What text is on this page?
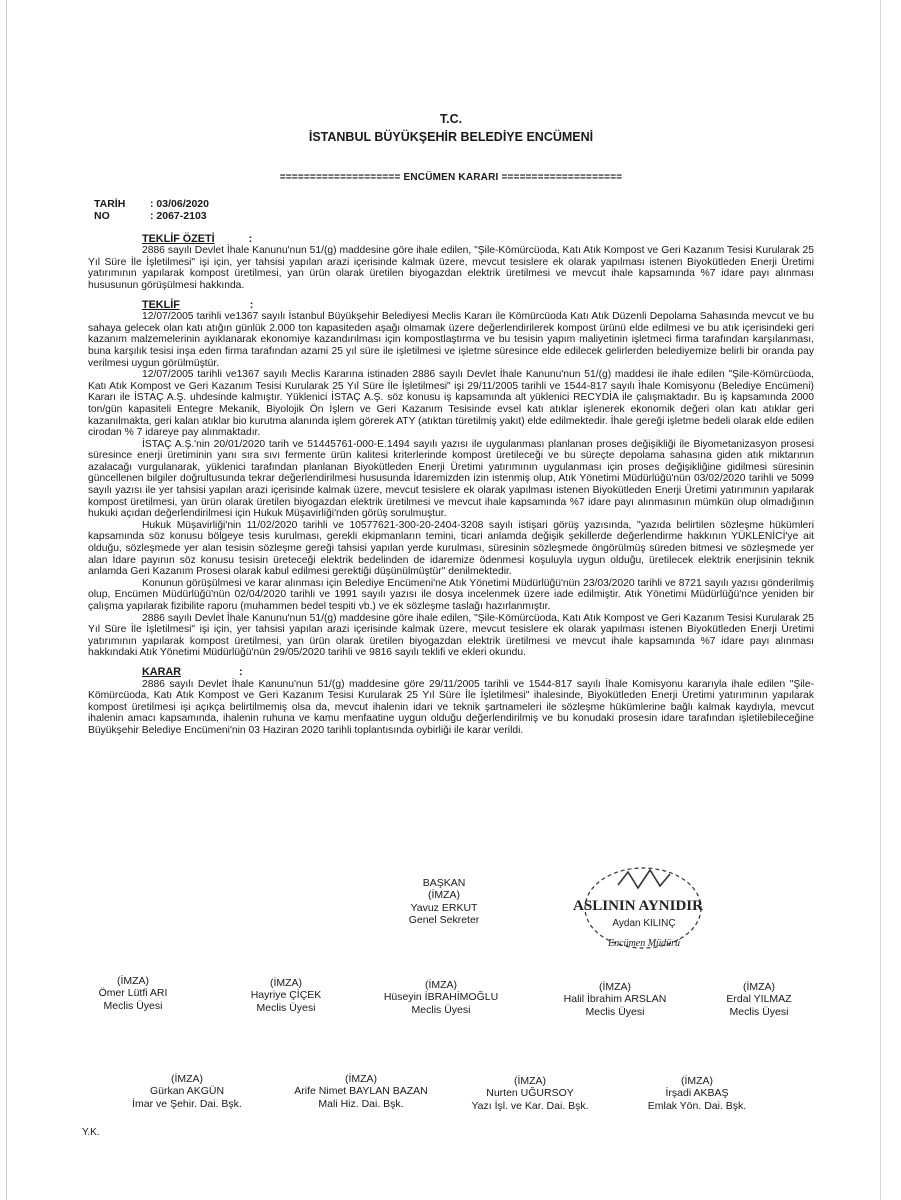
T.C.
İSTANBUL BÜYÜKŞEHİR BELEDİYE ENCÜMENİ
==================== ENCÜMEN KARARI ====================
TARİH : 03/06/2020
NO	: 2067-2103
TEKLİF ÖZETİ	:

2886 sayılı Devlet İhale Kanunu'nun 51/(g) maddesine göre ihale edilen, "Şile-Kömürcüoda, Katı Atık Kompost ve Geri Kazanım Tesisi Kurularak 25 Yıl Süre İle İşletilmesi" işi için, yer tahsisi yapılan arazi içerisinde kalmak üzere, mevcut tesislere ek olarak yapılması istenen Biyokütleden Enerji Üretimi yatırımının yapılarak kompost üretilmesi, yan ürün olarak üretilen biyogazdan elektrik üretilmesi ve mevcut ihale kapsamında %7 idare payı alınması hususunun görüşülmesi hakkında.

TEKLİF	:

12/07/2005 tarihli ve1367 sayılı İstanbul Büyükşehir Belediyesi Meclis Kararı ile Kömürcüoda Katı Atık Düzenli Depolama Sahasında mevcut ve bu sahaya gelecek olan katı atığın günlük 2.000 ton kapasiteden aşağı olmamak üzere değerlendirilerek kompost ürünü elde edilmesi ve bu atık içerisindeki geri kazanım malzemelerinin ayıklanarak ekonomiye kazandırılması için kompostlaştırma ve bu tesisin yapım maliyetinin işletmeci firma tarafından karşılanması, buna karşılık tesisi inşa eden firma tarafından azami 25 yıl süre ile işletilmesi ve işletme süresince elde edilecek gelirlerden belediyemize belirli bir oranda pay verilmesi uygun görülmüştür.

12/07/2005 tarihli ve1367 sayılı Meclis Kararına istinaden 2886 sayılı Devlet İhale Kanunu'nun 51/(g) maddesi ile ihale edilen "Şile-Kömürcüoda, Katı Atık Kompost ve Geri Kazanım Tesisi Kurularak 25 Yıl Süre İle İşletilmesi" işi 29/11/2005 tarihli ve 1544-817 sayılı İhale Komisyonu (Belediye Encümeni) Kararı ile İSTAÇ A.Ş. uhdesinde kalmıştır. Yüklenici İSTAÇ A.Ş. söz konusu iş kapsamında alt yüklenici RECYDİA ile çalışmaktadır. Bu iş kapsamında 2000 ton/gün kapasiteli Entegre Mekanik, Biyolojik Ön İşlem ve Geri Kazanım Tesisinde evsel katı atıklar işlenerek ekonomik değeri olan katı atıklar geri kazanılmakta, geri kalan atıklar bio kurutma alanında işlem görerek ATY (atıktan türetilmiş yakıt) elde edilmektedir. İhale gereği işletme bedeli olarak elde edilen cirodan % 7 idareye pay alınmaktadır.

İSTAÇ A.Ş.'nin 20/01/2020 tarih ve 51445761-000-E.1494 sayılı yazısı ile uygulanması planlanan proses değişikliği ile Biyometanizasyon prosesi süresince enerji üretiminin yanı sıra sıvı fermente ürün kalitesi kriterlerinde kompost üretileceği ve bu süreçte depolama sahasına giden atık miktarının azalacağı vurgulanarak, yüklenici tarafından planlanan Biyokütleden Enerji Üretimi yatırımının uygulanması için proses değişikliğine gidilmesi süresinin güncellenen bilgiler doğrultusunda tekrar değerlendirilmesi hususunda İdaremizden izin istenmiş olup, Atık Yönetimi Müdürlüğü'nün 03/02/2020 tarihli ve 5099 sayılı yazısı ile yer tahsisi yapılan arazi içerisinde kalmak üzere, mevcut tesislere ek olarak yapılması istenen Biyokütleden Enerji Üretimi yatırımının yapılarak kompost üretilmesi, yan ürün olarak üretilen biyogazdan elektrik üretilmesi ve mevcut ihale kapsamında %7 idare payı alınmasının mümkün olup olmadığının hukuki açıdan değerlendirilmesi için Hukuk Müşavirliği'nden görüş sorulmuştur.

Hukuk Müşavirliği'nin 11/02/2020 tarihli ve 10577621-300-20-2404-3208 sayılı istişari görüş yazısında, "yazıda belirtilen sözleşme hükümleri kapsamında söz konusu bölgeye tesis kurulması, gerekli ekipmanların temini, ticari anlamda değişik şekillerde değerlendirme hakkının YÜKLENİCİ'ye ait olduğu, sözleşmede yer alan tesisin sözleşme gereği tahsisi yapılan yerde kurulması, süresinin sözleşmede öngörülmüş süreden bitmesi ve sözleşmede yer alan İdare payının söz konusu tesisin üreteceği elektrik bedelinden de idaremize ödenmesi koşuluyla uygun olduğu, üretilecek elektrik enerjisinin teknik anlamda Geri Kazanım Prosesi olarak kabul edilmesi gerektiği düşünülmüştür" denilmektedir.

Konunun görüşülmesi ve karar alınması için Belediye Encümeni'ne Atık Yönetimi Müdürlüğü'nün 23/03/2020 tarihli ve 8721 sayılı yazısı gönderilmiş olup, Encümen Müdürlüğü'nün 02/04/2020 tarihli ve 1991 sayılı yazısı ile dosya incelenmek üzere iade edilmiştir. Atık Yönetimi Müdürlüğü'nce yeniden bir çalışma yapılarak fizibilite raporu (muhammen bedel tespiti vb.) ve ek sözleşme taslağı hazırlanmıştır.

2886 sayılı Devlet İhale Kanunu'nun 51/(g) maddesine göre ihale edilen, "Şile-Kömürcüoda, Katı Atık Kompost ve Geri Kazanım Tesisi Kurularak 25 Yıl Süre İle İşletilmesi" işi için, yer tahsisi yapılan arazi içerisinde kalmak üzere, mevcut tesislere ek olarak yapılması istenen Biyokütleden Enerji Üretimi yatırımının yapılarak kompost üretilmesi, yan ürün olarak üretilen biyogazdan elektrik üretilmesi ve mevcut ihale kapsamında %7 idare payı alınması hakkındaki Atık Yönetimi Müdürlüğü'nün 29/05/2020 tarihli ve 9816 sayılı teklifi ve ekleri okundu.

KARAR	:

2886 sayılı Devlet İhale Kanunu'nun 51/(g) maddesine göre 29/11/2005 tarihli ve 1544-817 sayılı İhale Komisyonu kararıyla ihale edilen "Şile-Kömürcüoda, Katı Atık Kompost ve Geri Kazanım Tesisi Kurularak 25 Yıl Süre İle İşletilmesi" ihalesinde, Biyokütleden Enerji Üretimi yatırımının yapılarak kompost üretilmesi işi açıkça belirtilmemiş olsa da, mevcut ihalenin idari ve teknik şartnameleri ile sözleşme hükümlerine bağlı kalmak kaydıyla, mevcut ihalenin amacı kapsamında, ihalenin ruhuna ve kamu menfaatine uygun olduğu değerlendirilmiş ve bu konudaki prosesin idare tarafından işletilebileceğine Büyükşehir Belediye Encümeni'nin 03 Haziran 2020 tarihli toplantısında oybirliği ile karar verildi.

BAŞKAN
(İMZA)
Yavuz ERKUT
Genel Sekreter
ASLININ AYNIDIR
Aydan KILINÇ
Encümen Müdürü
(İMZA)
Ömer Lütfi ARI
Meclis Üyesi
(İMZA)
Hayriye ÇİÇEK
Meclis Üyesi
(İMZA)
Hüseyin İBRAHİMOĞLU
Meclis Üyesi
(İMZA)
Halil İbrahim ARSLAN
Meclis Üyesi
(İMZA)
Erdal YILMAZ
Meclis Üyesi
(İMZA)
Gürkan AKGÜN
İmar ve Şehir. Dai. Bşk.
(İMZA)
Arife Nimet BAYLAN BAZAN
Mali Hiz. Dai. Bşk.
(İMZA)
Nurten UĞURSOY
Yazı İşl. ve Kar. Dai. Bşk.
(İMZA)
İrşadi AKBAŞ
Emlak Yön. Dai. Bşk.
Y.K.
